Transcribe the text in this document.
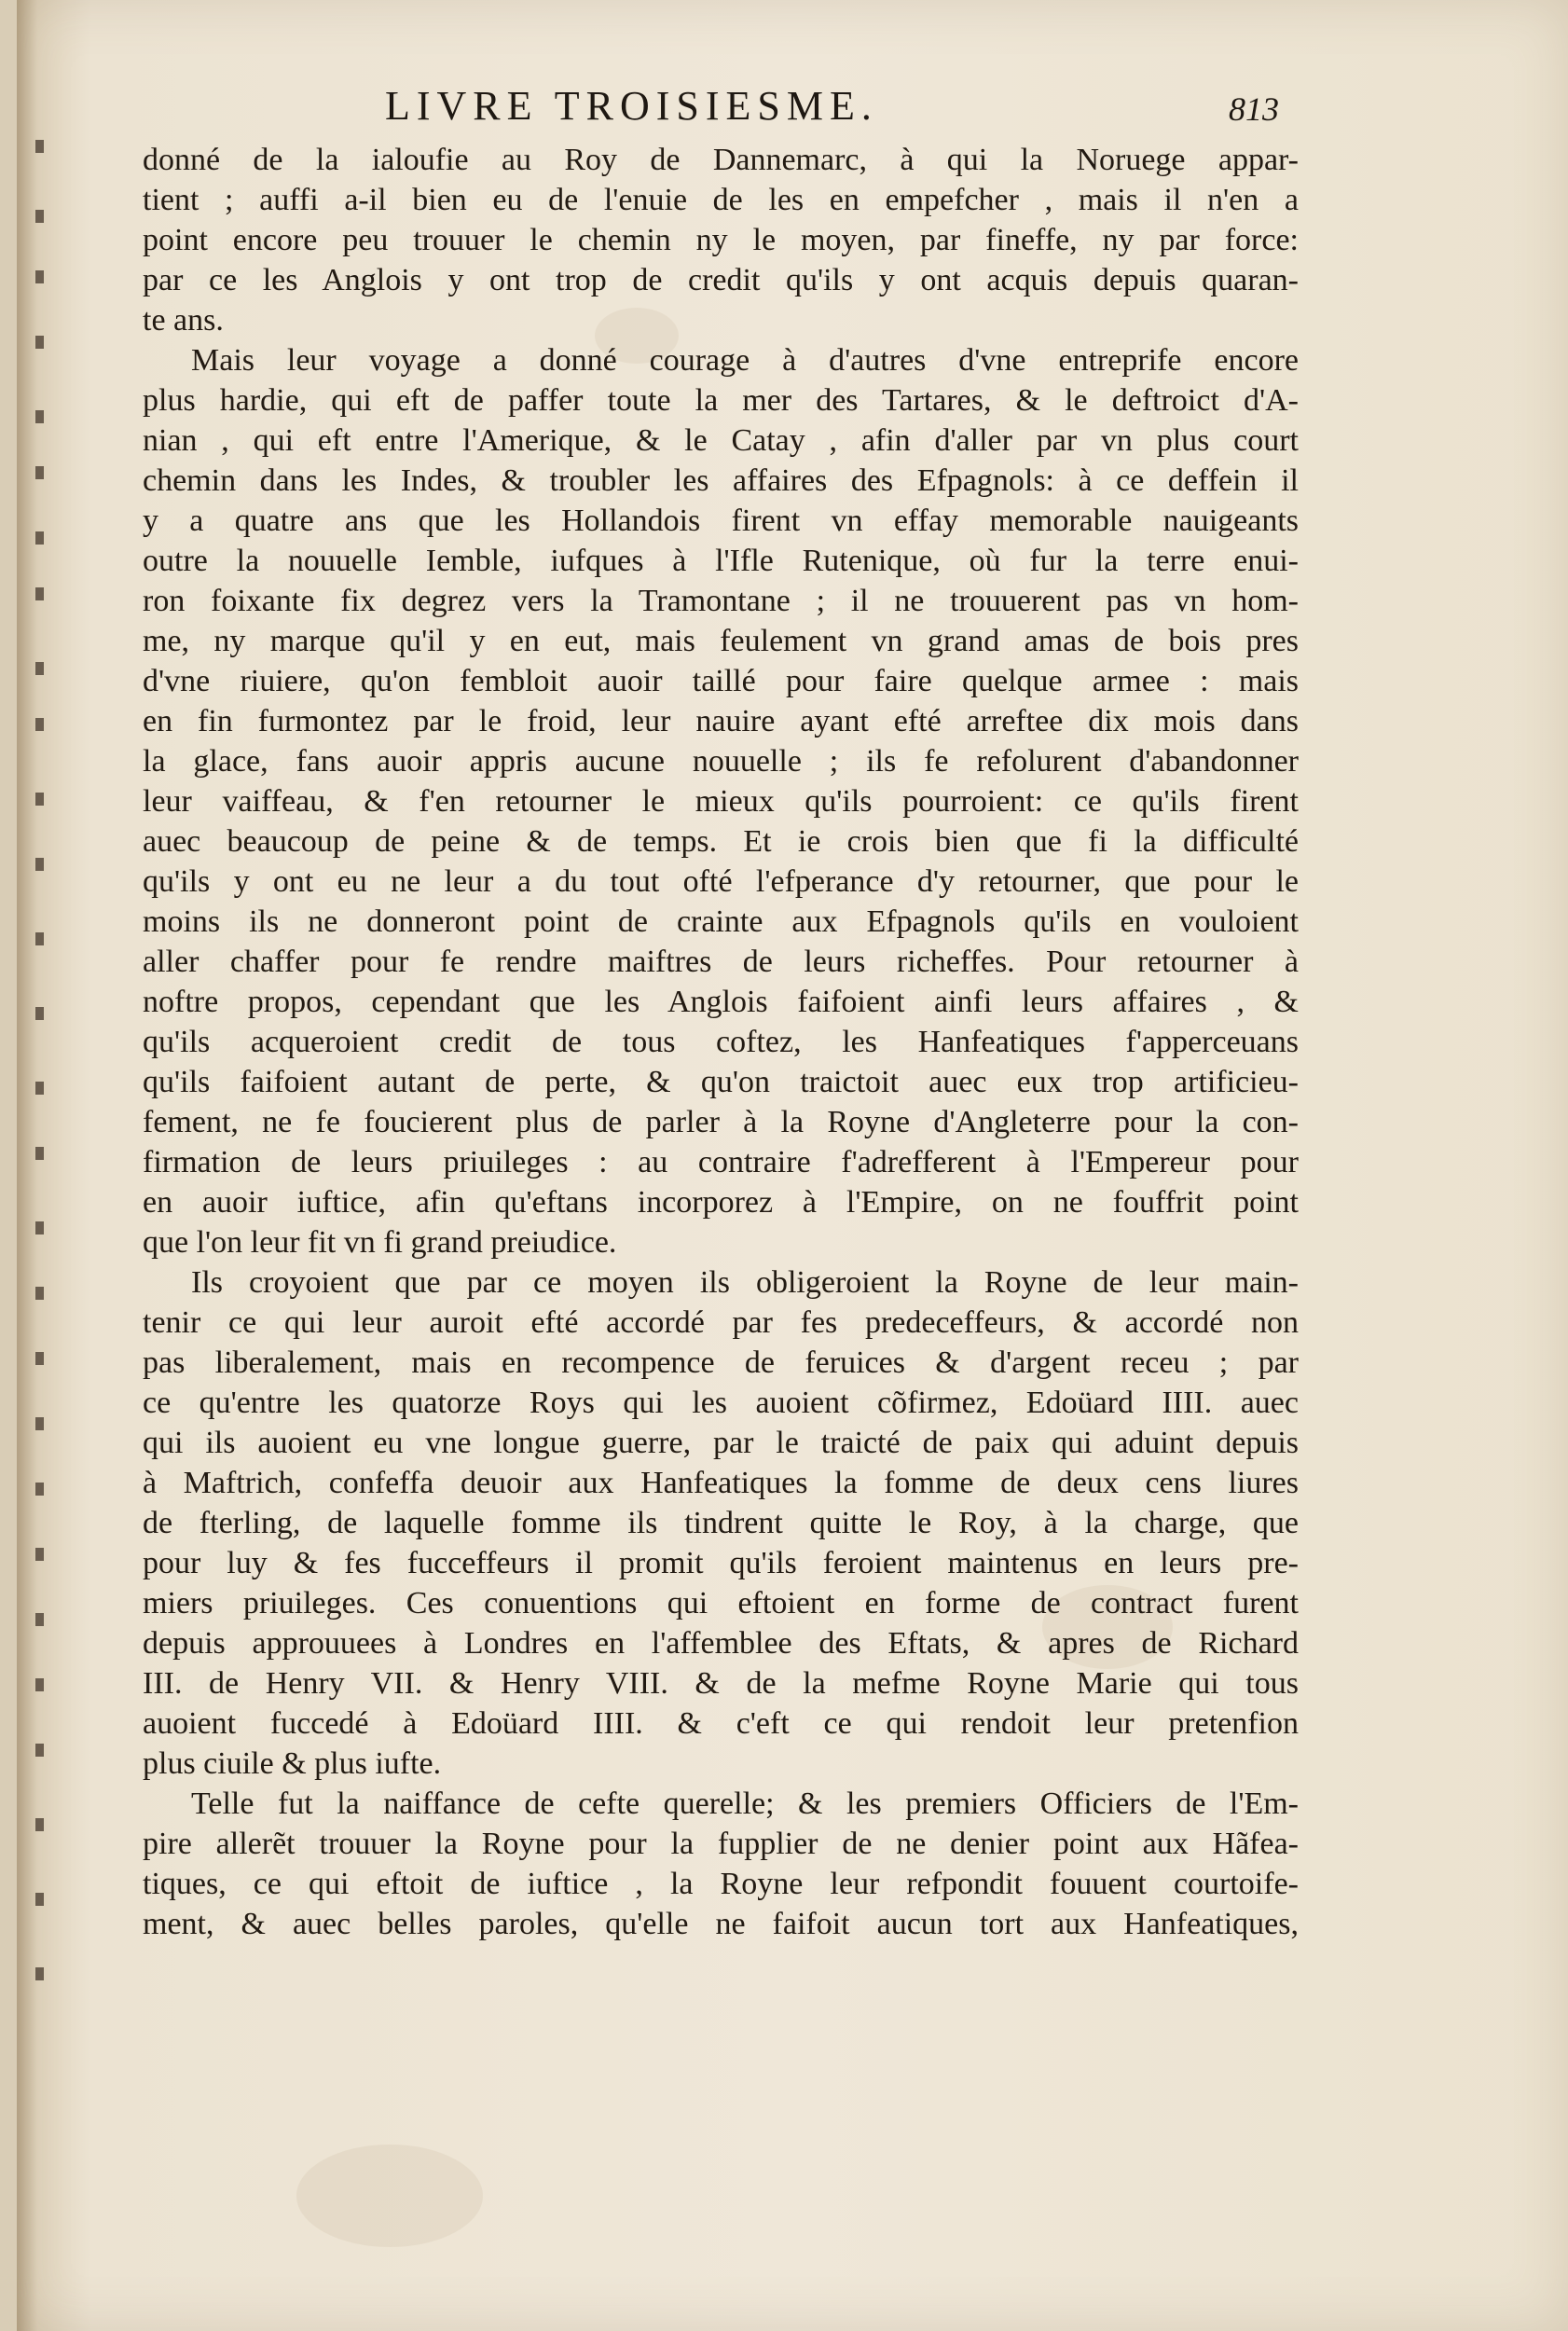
LIVRE TROISIESME.	813
donné de la ialoufie au Roy de Dannemarc, à qui la Noruege appar-
tient ; auffi a-il bien eu de l'enuie de les en empefcher , mais il n'en a
point encore peu trouuer le chemin ny le moyen, par fineffe, ny par force:
par ce les Anglois y ont trop de credit qu'ils y ont acquis depuis quaran-
te ans.
Mais leur voyage a donné courage à d'autres d'vne entreprife encore
plus hardie, qui eft de paffer toute la mer des Tartares, & le deftroict d'A-
nian , qui eft entre l'Amerique, & le Catay , afin d'aller par vn plus court
chemin dans les Indes, & troubler les affaires des Efpagnols: à ce deffein il
y a quatre ans que les Hollandois firent vn effay memorable nauigeants
outre la nouuelle Iemble, iufques à l'Ifle Rutenique, où fur la terre enui-
ron foixante fix degrez vers la Tramontane ; il ne trouuerent pas vn hom-
me, ny marque qu'il y en eut, mais feulement vn grand amas de bois pres
d'vne riuiere, qu'on fembloit auoir taillé pour faire quelque armee : mais
en fin furmontez par le froid, leur nauire ayant efté arreftee dix mois dans
la glace, fans auoir appris aucune nouuelle ; ils fe refolurent d'abandonner
leur vaiffeau, & f'en retourner le mieux qu'ils pourroient: ce qu'ils firent
auec beaucoup de peine & de temps. Et ie crois bien que fi la difficulté
qu'ils y ont eu ne leur a du tout ofté l'efperance d'y retourner, que pour le
moins ils ne donneront point de crainte aux Efpagnols qu'ils en vouloient
aller chaffer pour fe rendre maiftres de leurs richeffes. Pour retourner à
noftre propos, cependant que les Anglois faifoient ainfi leurs affaires , &
qu'ils acqueroient credit de tous coftez, les Hanfeatiques f'apperceuans
qu'ils faifoient autant de perte, & qu'on traictoit auec eux trop artificieu-
fement, ne fe foucierent plus de parler à la Royne d'Angleterre pour la con-
firmation de leurs priuileges : au contraire f'adrefferent à l'Empereur pour
en auoir iuftice, afin qu'eftans incorporez à l'Empire, on ne fouffrit point
que l'on leur fit vn fi grand preiudice.
Ils croyoient que par ce moyen ils obligeroient la Royne de leur main-
tenir ce qui leur auroit efté accordé par fes predeceffeurs, & accordé non
pas liberalement, mais en recompence de feruices & d'argent receu ; par
ce qu'entre les quatorze Roys qui les auoient cõfirmez, Edoüard IIII. auec
qui ils auoient eu vne longue guerre, par le traicté de paix qui aduint depuis
à Maftrich, confeffa deuoir aux Hanfeatiques la fomme de deux cens liures
de fterling, de laquelle fomme ils tindrent quitte le Roy, à la charge, que
pour luy & fes fucceffeurs il promit qu'ils feroient maintenus en leurs pre-
miers priuileges. Ces conuentions qui eftoient en forme de contract furent
depuis approuuees à Londres en l'affemblee des Eftats, & apres de Richard
III. de Henry VII. & Henry VIII. & de la mefme Royne Marie qui tous
auoient fuccedé à Edoüard IIII. & c'eft ce qui rendoit leur pretenfion
plus ciuile & plus iufte.
Telle fut la naiffance de cefte querelle; & les premiers Officiers de l'Em-
pire allerẽt trouuer la Royne pour la fupplier de ne denier point aux Hãfea-
tiques, ce qui eftoit de iuftice , la Royne leur refpondit fouuent courtoife-
ment, & auec belles paroles, qu'elle ne faifoit aucun tort aux Hanfeatiques,
